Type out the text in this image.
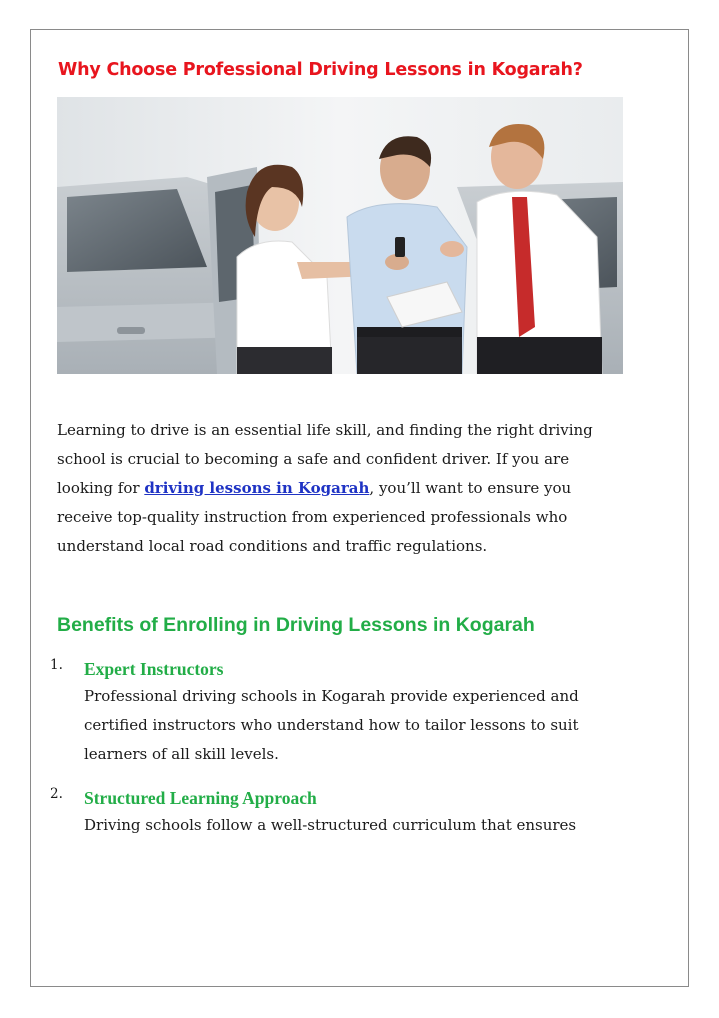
Why Choose Professional Driving Lessons in Kogarah?

Learning to drive is an essential life skill, and finding the right driving school is crucial to becoming a safe and confident driver. If you are looking for driving lessons in Kogarah, you’ll want to ensure you receive top-quality instruction from experienced professionals who understand local road conditions and traffic regulations.

Benefits of Enrolling in Driving Lessons in Kogarah
1. Expert Instructors
Professional driving schools in Kogarah provide experienced and certified instructors who understand how to tailor lessons to suit learners of all skill levels.
2. Structured Learning Approach
Driving schools follow a well-structured curriculum that ensures
